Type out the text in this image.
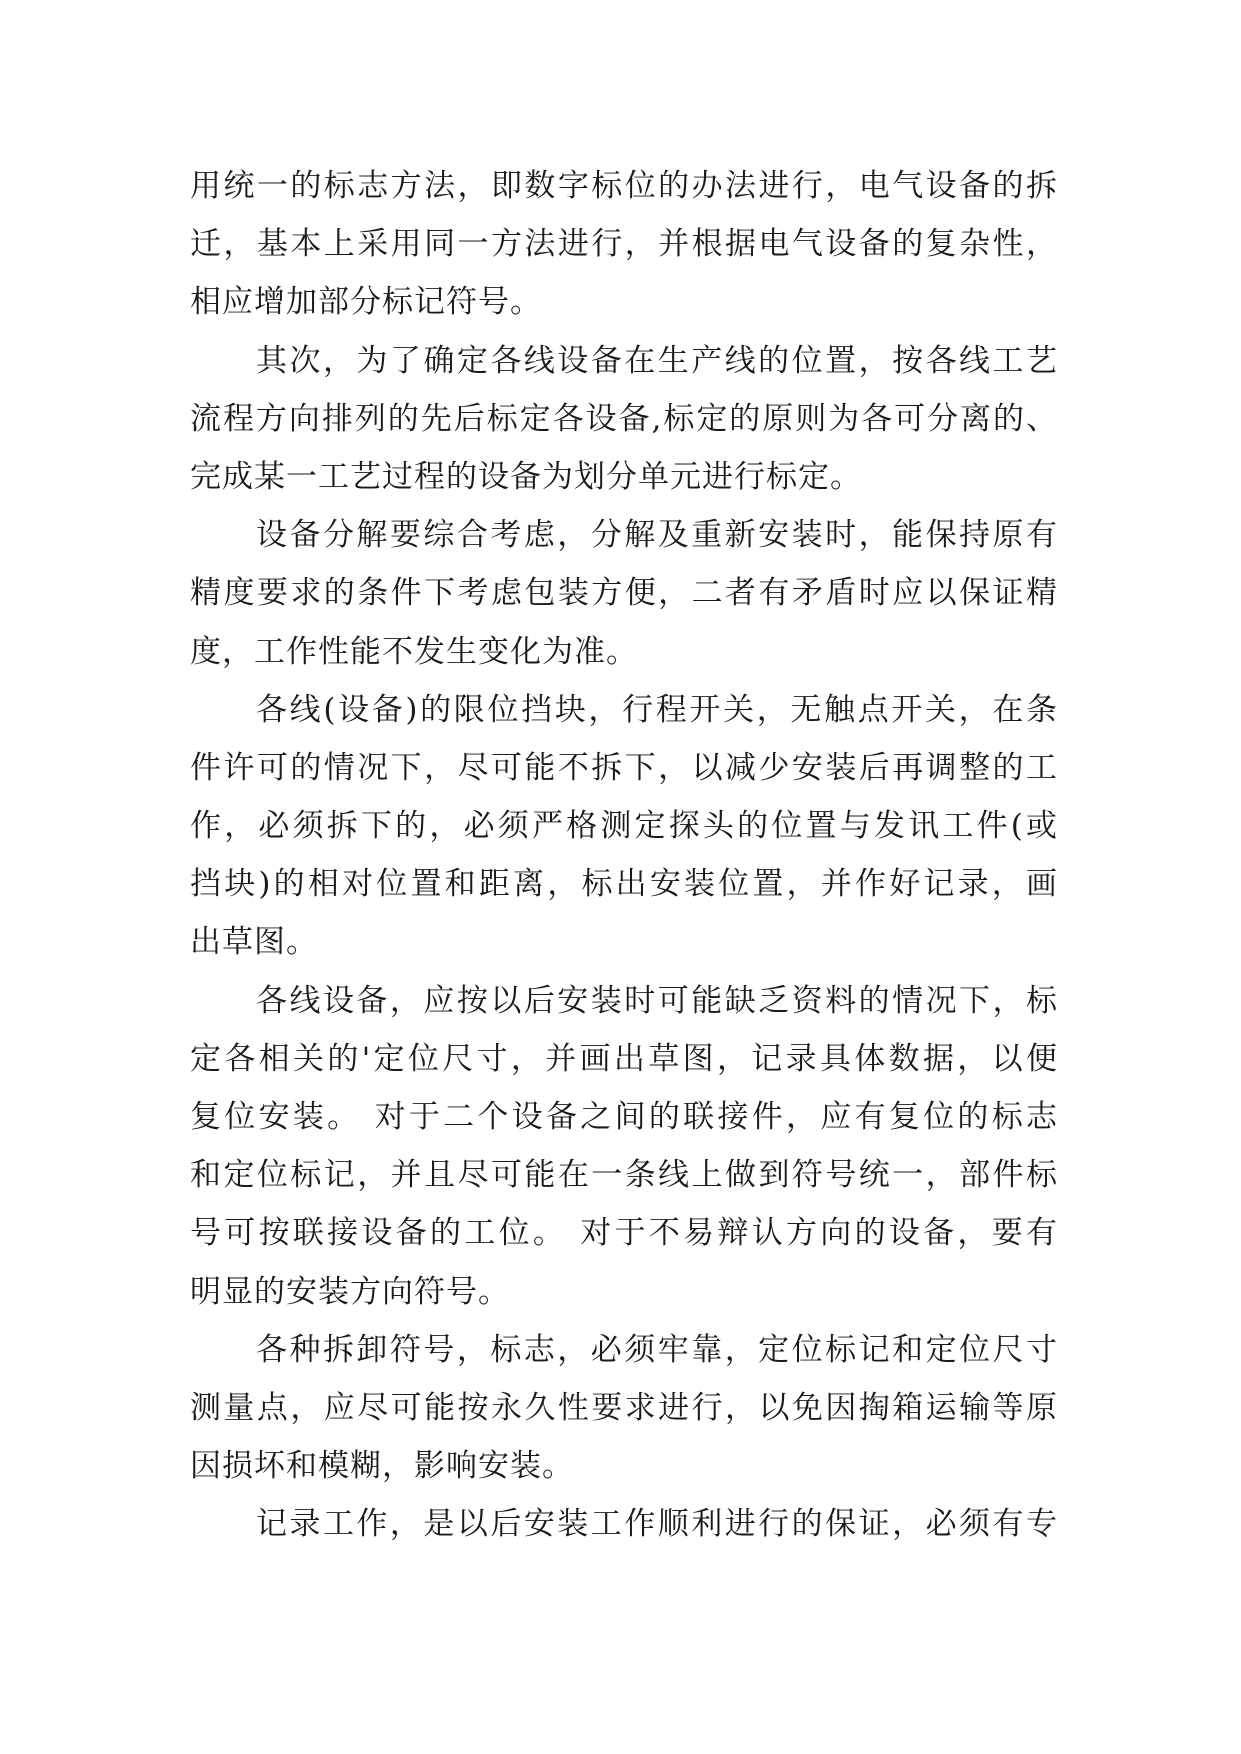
用统一的标志方法，即数字标位的办法进行，电气设备的拆
迁，基本上采用同一方法进行，并根据电气设备的复杂性，
相应增加部分标记符号。
其次，为了确定各线设备在生产线的位置，按各线工艺
流程方向排列的先后标定各设备,标定的原则为各可分离的、
完成某一工艺过程的设备为划分单元进行标定。
设备分解要综合考虑，分解及重新安装时，能保持原有
精度要求的条件下考虑包装方便，二者有矛盾时应以保证精
度，工作性能不发生变化为准。
各线(设备)的限位挡块，行程开关，无触点开关，在条
件许可的情况下，尽可能不拆下，以减少安装后再调整的工
作，必须拆下的，必须严格测定探头的位置与发讯工件(或
挡块)的相对位置和距离，标出安装位置，并作好记录，画
出草图。
各线设备，应按以后安装时可能缺乏资料的情况下，标
定各相关的'定位尺寸，并画出草图，记录具体数据，以便
复位安装。 对于二个设备之间的联接件，应有复位的标志
和定位标记，并且尽可能在一条线上做到符号统一，部件标
号可按联接设备的工位。 对于不易辩认方向的设备，要有
明显的安装方向符号。
各种拆卸符号，标志，必须牢靠，定位标记和定位尺寸
测量点，应尽可能按永久性要求进行，以免因掏箱运输等原
因损坏和模糊，影响安装。
记录工作，是以后安装工作顺利进行的保证，必须有专
